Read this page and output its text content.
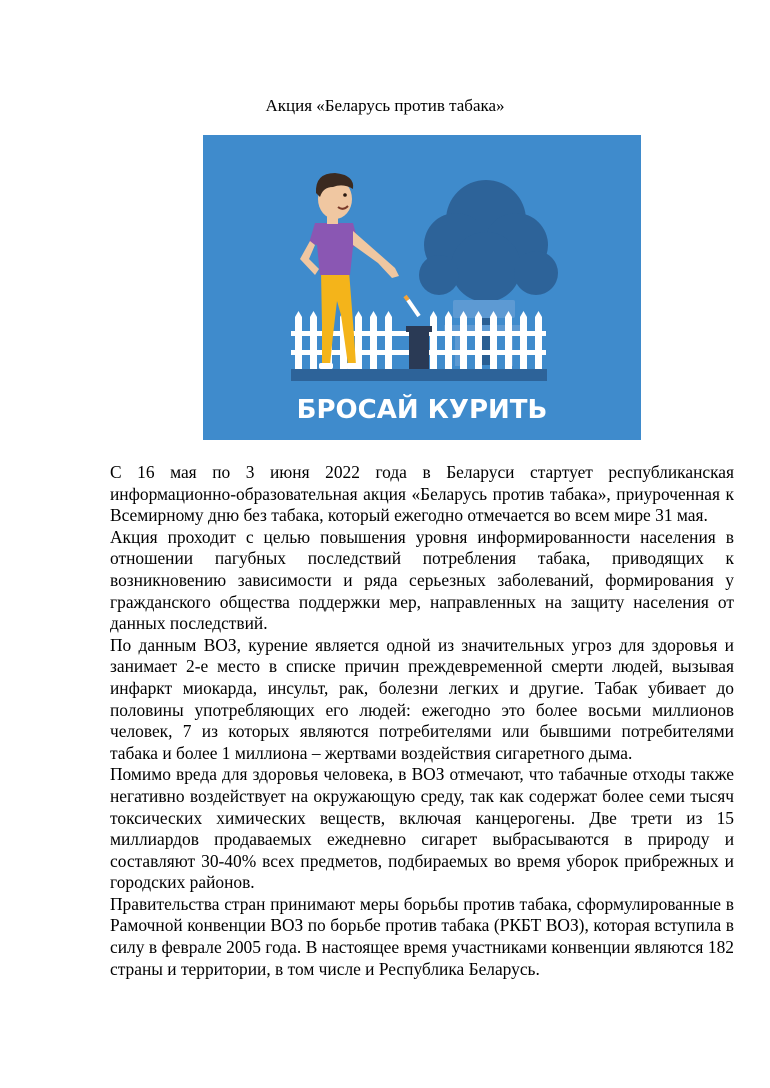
Акция «Беларусь против табака»
БРОСАЙ КУРИТЬ

С 16 мая по 3 июня 2022 года в Беларуси стартует республиканская информационно-образовательная акция «Беларусь против табака», приуроченная к Всемирному дню без табака, который ежегодно отмечается во всем мире 31 мая.

Акция проходит с целью повышения уровня информированности населения в отношении пагубных последствий потребления табака, приводящих к возникновению зависимости и ряда серьезных заболеваний, формирования у гражданского общества поддержки мер, направленных на защиту населения от данных последствий.

По данным ВОЗ, курение является одной из значительных угроз для здоровья и занимает 2-е место в списке причин преждевременной смерти людей, вызывая инфаркт миокарда, инсульт, рак, болезни легких и другие. Табак убивает до половины употребляющих его людей: ежегодно это более восьми миллионов человек, 7 из которых являются потребителями или бывшими потребителями табака и более 1 миллиона – жертвами воздействия сигаретного дыма.

Помимо вреда для здоровья человека, в ВОЗ отмечают, что табачные отходы также негативно воздействует на окружающую среду, так как содержат более семи тысяч токсических химических веществ, включая канцерогены. Две трети из 15 миллиардов продаваемых ежедневно сигарет выбрасываются в природу и составляют 30-40% всех предметов, подбираемых во время уборок прибрежных и городских районов.

Правительства стран принимают меры борьбы против табака, сформулированные в Рамочной конвенции ВОЗ по борьбе против табака (РКБТ ВОЗ), которая вступила в силу в феврале 2005 года. В настоящее время участниками конвенции являются 182 страны и территории, в том числе и Республика Беларусь.
